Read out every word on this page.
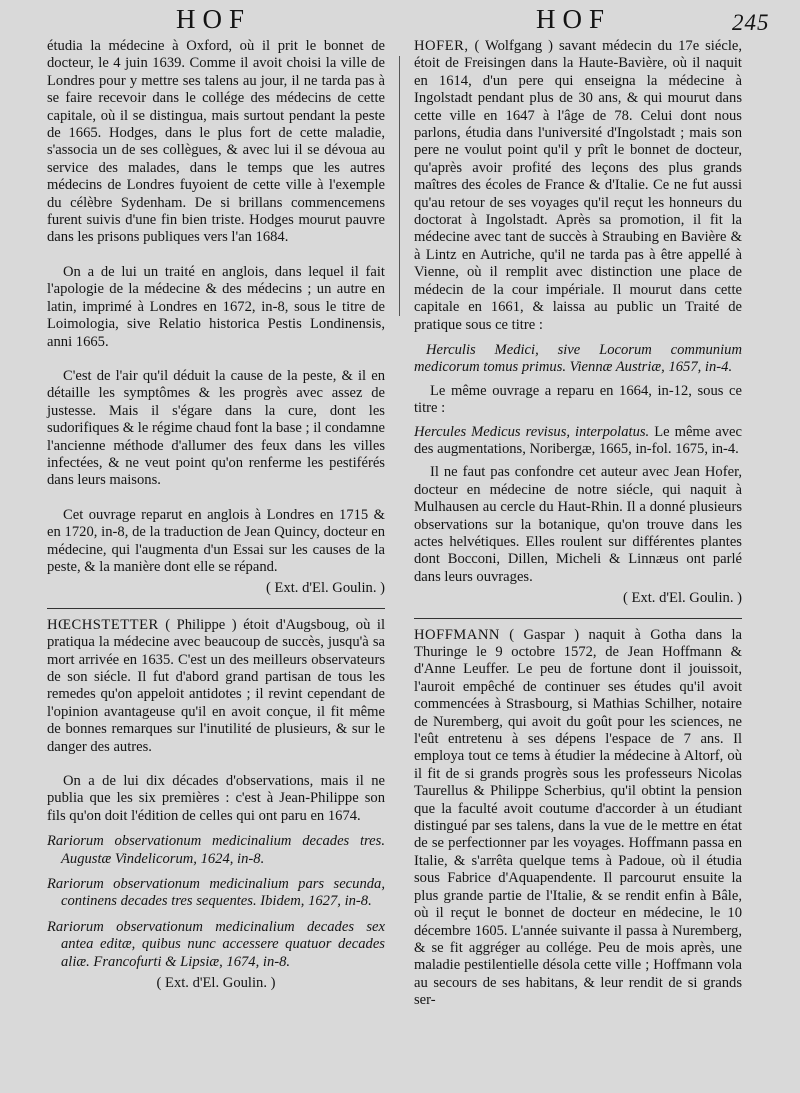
HOF	HOF	245

étudia la médecine à Oxford, où il prit le bonnet de docteur, le 4 juin 1639. Comme il avoit choisi la ville de Londres pour y mettre ses talens au jour, il ne tarda pas à se faire recevoir dans le collége des médecins de cette capitale, où il se distingua, mais surtout pendant la peste de 1665. Hodges, dans le plus fort de cette maladie, s'associa un de ses collègues, & avec lui il se dévoua au service des malades, dans le temps que les autres médecins de Londres fuyoient de cette ville à l'exemple du célèbre Sydenham. De si brillans commencemens furent suivis d'une fin bien triste. Hodges mourut pauvre dans les prisons publiques vers l'an 1684.

On a de lui un traité en anglois, dans lequel il fait l'apologie de la médecine & des médecins ; un autre en latin, imprimé à Londres en 1672, in-8, sous le titre de Loimologia, sive Relatio historica Pestis Londinensis, anni 1665.

C'est de l'air qu'il déduit la cause de la peste, & il en détaille les symptômes & les progrès avec assez de justesse. Mais il s'égare dans la cure, dont les sudorifiques & le régime chaud font la base ; il condamne l'ancienne méthode d'allumer des feux dans les villes infectées, & ne veut point qu'on renferme les pestiférés dans leurs maisons.

Cet ouvrage reparut en anglois à Londres en 1715 & en 1720, in-8, de la traduction de Jean Quincy, docteur en médecine, qui l'augmenta d'un Essai sur les causes de la peste, & la manière dont elle se répand.

( Ext. d'El. Goulin. )

HŒCHSTETTER ( Philippe ) étoit d'Augsboug, où il pratiqua la médecine avec beaucoup de succès, jusqu'à sa mort arrivée en 1635. C'est un des meilleurs observateurs de son siécle. Il fut d'abord grand partisan de tous les remedes qu'on appeloit antidotes ; il revint cependant de l'opinion avantageuse qu'il en avoit conçue, il fit même de bonnes remarques sur l'inutilité de plusieurs, & sur le danger des autres.

On a de lui dix décades d'observations, mais il ne publia que les six premières : c'est à Jean-Philippe son fils qu'on doit l'édition de celles qui ont paru en 1674.

Rariorum observationum medicinalium decades tres. Augustæ Vindelicorum, 1624, in-8.

Rariorum observationum medicinalium pars secunda, continens decades tres sequentes. Ibidem, 1627, in-8.

Rariorum observationum medicinalium decades sex antea editæ, quibus nunc accessere quatuor decades aliæ. Francofurti & Lipsiæ, 1674, in-8.

( Ext. d'El. Goulin. )

HOFER, ( Wolfgang ) savant médecin du 17e siécle, étoit de Freisingen dans la Haute-Bavière, où il naquit en 1614, d'un pere qui enseigna la médecine à Ingolstadt pendant plus de 30 ans, & qui mourut dans cette ville en 1647 à l'âge de 78. Celui dont nous parlons, étudia dans l'université d'Ingolstadt ; mais son pere ne voulut point qu'il y prît le bonnet de docteur, qu'après avoir profité des leçons des plus grands maîtres des écoles de France & d'Italie. Ce ne fut aussi qu'au retour de ses voyages qu'il reçut les honneurs du doctorat à Ingolstadt. Après sa promotion, il fit la médecine avec tant de succès à Straubing en Bavière & à Lintz en Autriche, qu'il ne tarda pas à être appellé à Vienne, où il remplit avec distinction une place de médecin de la cour impériale. Il mourut dans cette capitale en 1661, & laissa au public un Traité de pratique sous ce titre :

Herculis Medici, sive Locorum communium medicorum tomus primus. Viennæ Austriæ, 1657, in-4.

Le même ouvrage a reparu en 1664, in-12, sous ce titre :

Hercules Medicus revisus, interpolatus. Le même avec des augmentations, Noribergæ, 1665, in-fol. 1675, in-4.

Il ne faut pas confondre cet auteur avec Jean Hofer, docteur en médecine de notre siécle, qui naquit à Mulhausen au cercle du Haut-Rhin. Il a donné plusieurs observations sur la botanique, qu'on trouve dans les actes helvétiques. Elles roulent sur différentes plantes dont Bocconi, Dillen, Micheli & Linnæus ont parlé dans leurs ouvrages.

( Ext. d'El. Goulin. )

HOFFMANN ( Gaspar ) naquit à Gotha dans la Thuringe le 9 octobre 1572, de Jean Hoffmann & d'Anne Leuffer. Le peu de fortune dont il jouissoit, l'auroit empêché de continuer ses études qu'il avoit commencées à Strasbourg, si Mathias Schilher, notaire de Nuremberg, qui avoit du goût pour les sciences, ne l'eût entretenu à ses dépens l'espace de 7 ans. Il employa tout ce tems à étudier la médecine à Altorf, où il fit de si grands progrès sous les professeurs Nicolas Taurellus & Philippe Scherbius, qu'il obtint la pension que la faculté avoit coutume d'accorder à un étudiant distingué par ses talens, dans la vue de le mettre en état de se perfectionner par les voyages. Hoffmann passa en Italie, & s'arrêta quelque tems à Padoue, où il étudia sous Fabrice d'Aquapendente. Il parcourut ensuite la plus grande partie de l'Italie, & se rendit enfin à Bâle, où il reçut le bonnet de docteur en médecine, le 10 décembre 1605. L'année suivante il passa à Nuremberg, & se fit aggréger au collége. Peu de mois après, une maladie pestilentielle désola cette ville ; Hoffmann vola au secours de ses habitans, & leur rendit de si grands ser-
